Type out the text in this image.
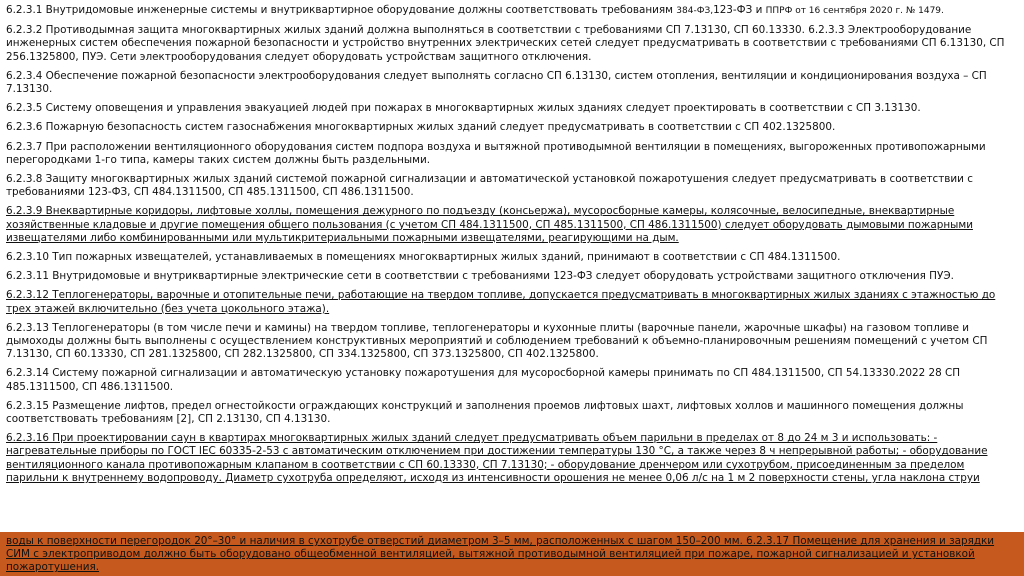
6.2.3.1 Внутридомовые инженерные системы и внутриквартирное оборудование должны соответствовать требованиям 384-ФЗ,123-ФЗ и ППРФ от 16 сентября 2020 г. № 1479.

6.2.3.2 Противодымная защита многоквартирных жилых зданий должна выполняться в соответствии с требованиями СП 7.13130, СП 60.13330. 6.2.3.3 Электрооборудование инженерных систем обеспечения пожарной безопасности и устройство внутренних электрических сетей следует предусматривать в соответствии с требованиями СП 6.13130, СП 256.1325800, ПУЭ. Сети электрооборудования следует оборудовать устройствам защитного отключения.

6.2.3.4 Обеспечение пожарной безопасности электрооборудования следует выполнять согласно СП 6.13130, систем отопления, вентиляции и кондиционирования воздуха – СП 7.13130.

6.2.3.5 Систему оповещения и управления эвакуацией людей при пожарах в многоквартирных жилых зданиях следует проектировать в соответствии с СП 3.13130.

6.2.3.6 Пожарную безопасность систем газоснабжения многоквартирных жилых зданий следует предусматривать в соответствии с СП 402.1325800.

6.2.3.7 При расположении вентиляционного оборудования систем подпора воздуха и вытяжной противодымной вентиляции в помещениях, выгороженных противопожарными перегородками 1-го типа, камеры таких систем должны быть раздельными.

6.2.3.8 Защиту многоквартирных жилых зданий системой пожарной сигнализации и автоматической установкой пожаротушения следует предусматривать в соответствии с требованиями 123-ФЗ, СП 484.1311500, СП 485.1311500, СП 486.1311500.

6.2.3.9 Внеквартирные коридоры, лифтовые холлы, помещения дежурного по подъезду (консьержа), мусоросборные камеры, колясочные, велосипедные, внеквартирные хозяйственные кладовые и другие помещения общего пользования (с учетом СП 484.1311500, СП 485.1311500, СП 486.1311500) следует оборудовать дымовыми пожарными извещателями либо комбинированными или мультикритериальными пожарными извещателями, реагирующими на дым.

6.2.3.10 Тип пожарных извещателей, устанавливаемых в помещениях многоквартирных жилых зданий, принимают в соответствии с СП 484.1311500.

6.2.3.11 Внутридомовые и внутриквартирные электрические сети в соответствии с требованиями 123-ФЗ следует оборудовать устройствами защитного отключения ПУЭ.

6.2.3.12 Теплогенераторы, варочные и отопительные печи, работающие на твердом топливе, допускается предусматривать в многоквартирных жилых зданиях с этажностью до трех этажей включительно (без учета цокольного этажа).

6.2.3.13 Теплогенераторы (в том числе печи и камины) на твердом топливе, теплогенераторы и кухонные плиты (варочные панели, жарочные шкафы) на газовом топливе и дымоходы должны быть выполнены с осуществлением конструктивных мероприятий и соблюдением требований к объемно-планировочным решениям помещений с учетом СП 7.13130, СП 60.13330, СП 281.1325800, СП 282.1325800, СП 334.1325800, СП 373.1325800, СП 402.1325800.

6.2.3.14 Систему пожарной сигнализации и автоматическую установку пожаротушения для мусоросборной камеры принимать по СП 484.1311500, СП 54.13330.2022 28 СП 485.1311500, СП 486.1311500.

6.2.3.15 Размещение лифтов, предел огнестойкости ограждающих конструкций и заполнения проемов лифтовых шахт, лифтовых холлов и машинного помещения должны соответствовать требованиям [2], СП 2.13130, СП 4.13130.

6.2.3.16 При проектировании саун в квартирах многоквартирных жилых зданий следует предусматривать объем парильни в пределах от 8 до 24 м 3 и использовать: - нагревательные приборы по ГОСТ IEC 60335-2-53 с автоматическим отключением при достижении температуры 130 °C, а также через 8 ч непрерывной работы; - оборудование вентиляционного канала противопожарным клапаном в соответствии с СП 60.13330, СП 7.13130; - оборудование дренчером или сухотрубом, присоединенным за пределом парильни к внутреннему водопроводу. Диаметр сухотруба определяют, исходя из интенсивности орошения не менее 0,06 л/с на 1 м 2 поверхности стены, угла наклона струи

воды к поверхности перегородок 20°–30° и наличия в сухотрубе отверстий диаметром 3–5 мм, расположенных с шагом 150–200 мм. 6.2.3.17 Помещение для хранения и зарядки СИМ с электроприводом должно быть оборудовано общеобменной вентиляцией, вытяжной противодымной вентиляцией при пожаре, пожарной сигнализацией и установкой пожаротушения.
